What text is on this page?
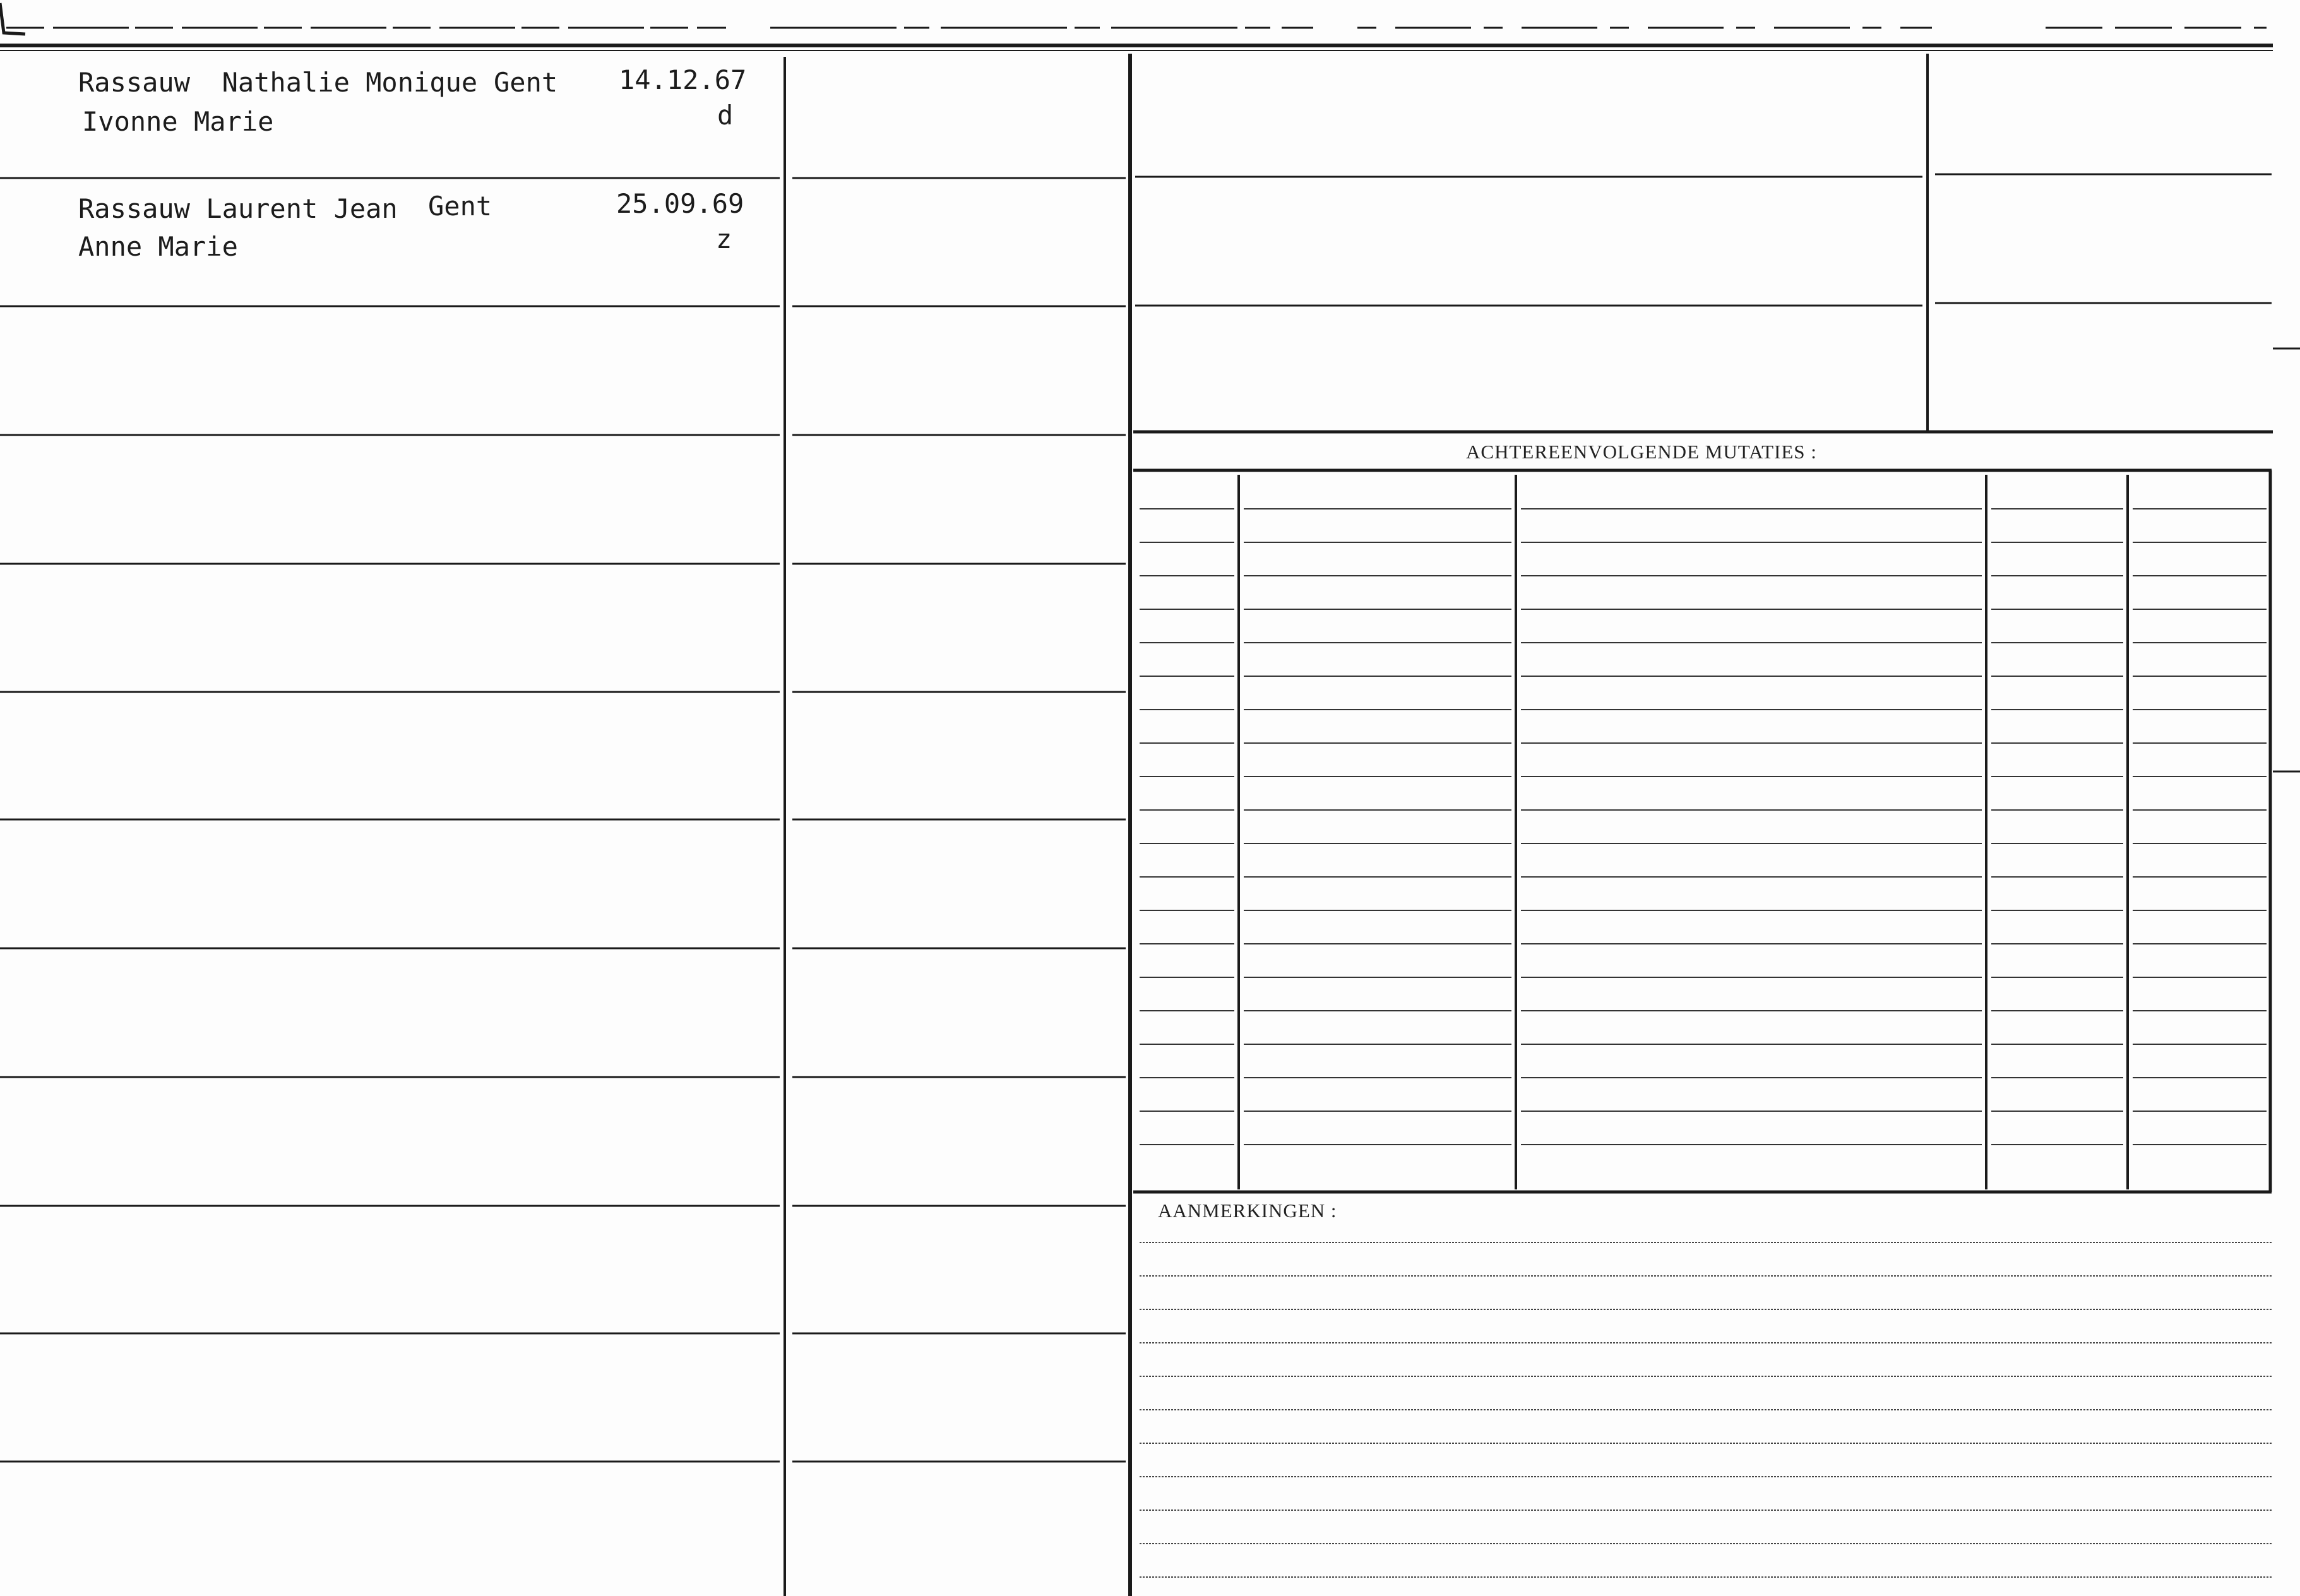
Rassauw  Nathalie Monique Gent 14.12.67
Ivonne Marie	d
Rassauw Laurent Jean Gent	25.09.69
Anne Marie	z
ACHTEREENVOLGENDE MUTATIES :
AANMERKINGEN :
